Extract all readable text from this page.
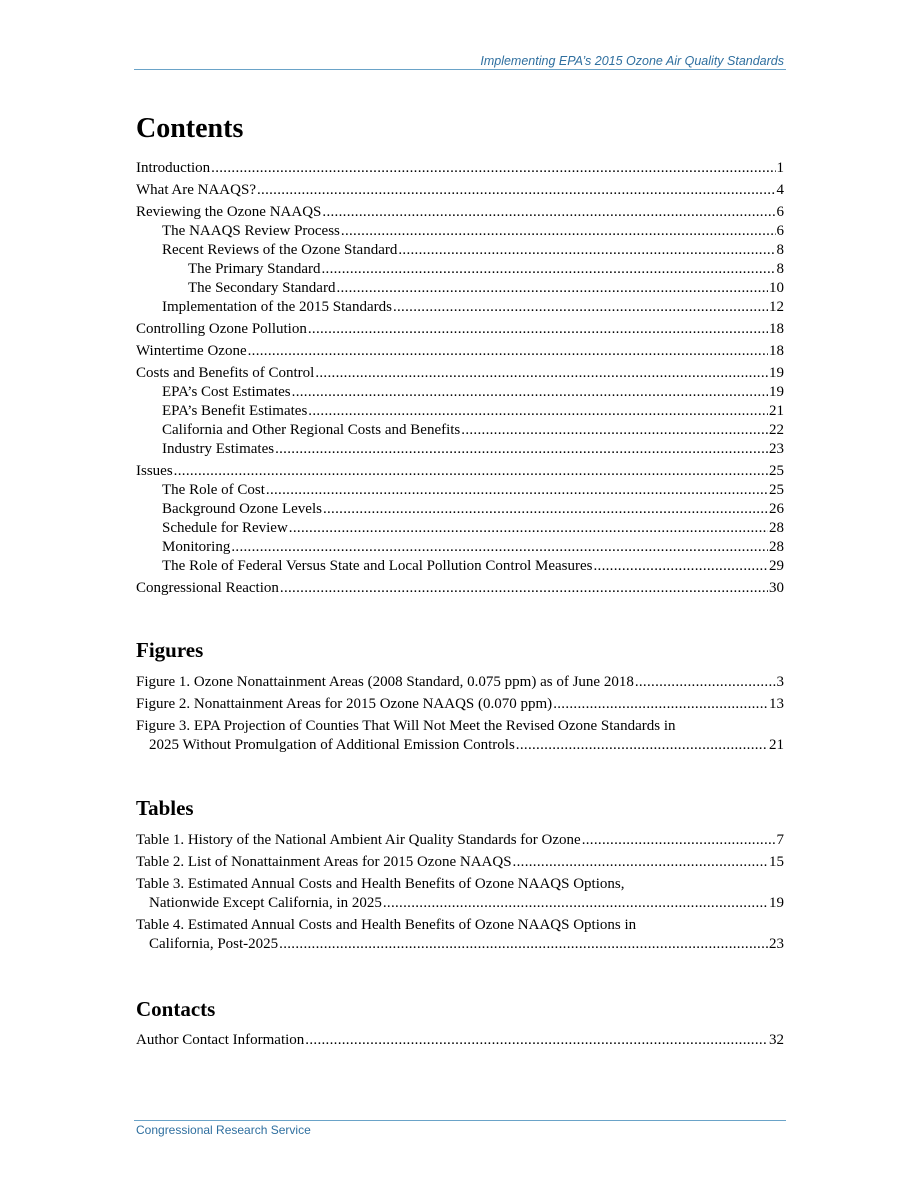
Implementing EPA’s 2015 Ozone Air Quality Standards
Contents
Introduction .....	1
What Are NAAQS? .....	4
Reviewing the Ozone NAAQS .....	6
The NAAQS Review Process .....	6
Recent Reviews of the Ozone Standard .....	8
The Primary Standard .....	8
The Secondary Standard .....	10
Implementation of the 2015 Standards .....	12
Controlling Ozone Pollution .....	18
Wintertime Ozone .....	18
Costs and Benefits of Control .....	19
EPA’s Cost Estimates .....	19
EPA’s Benefit Estimates .....	21
California and Other Regional Costs and Benefits .....	22
Industry Estimates .....	23
Issues .....	25
The Role of Cost .....	25
Background Ozone Levels .....	26
Schedule for Review .....	28
Monitoring .....	28
The Role of Federal Versus State and Local Pollution Control Measures .....	29
Congressional Reaction .....	30
Figures
Figure 1. Ozone Nonattainment Areas (2008 Standard, 0.075 ppm) as of June 2018 .....	3
Figure 2. Nonattainment Areas for 2015 Ozone NAAQS (0.070 ppm) .....	13
Figure 3. EPA Projection of Counties That Will Not Meet the Revised Ozone Standards in
2025 Without Promulgation of Additional Emission Controls .....	21
Tables
Table 1. History of the National Ambient Air Quality Standards for Ozone .....	7
Table 2. List of Nonattainment Areas for 2015 Ozone NAAQS .....	15
Table 3. Estimated Annual Costs and Health Benefits of Ozone NAAQS Options,
Nationwide Except California, in 2025 .....	19
Table 4. Estimated Annual Costs and Health Benefits of Ozone NAAQS Options in
California, Post-2025 .....	23
Contacts
Author Contact Information .....	32
Congressional Research Service
